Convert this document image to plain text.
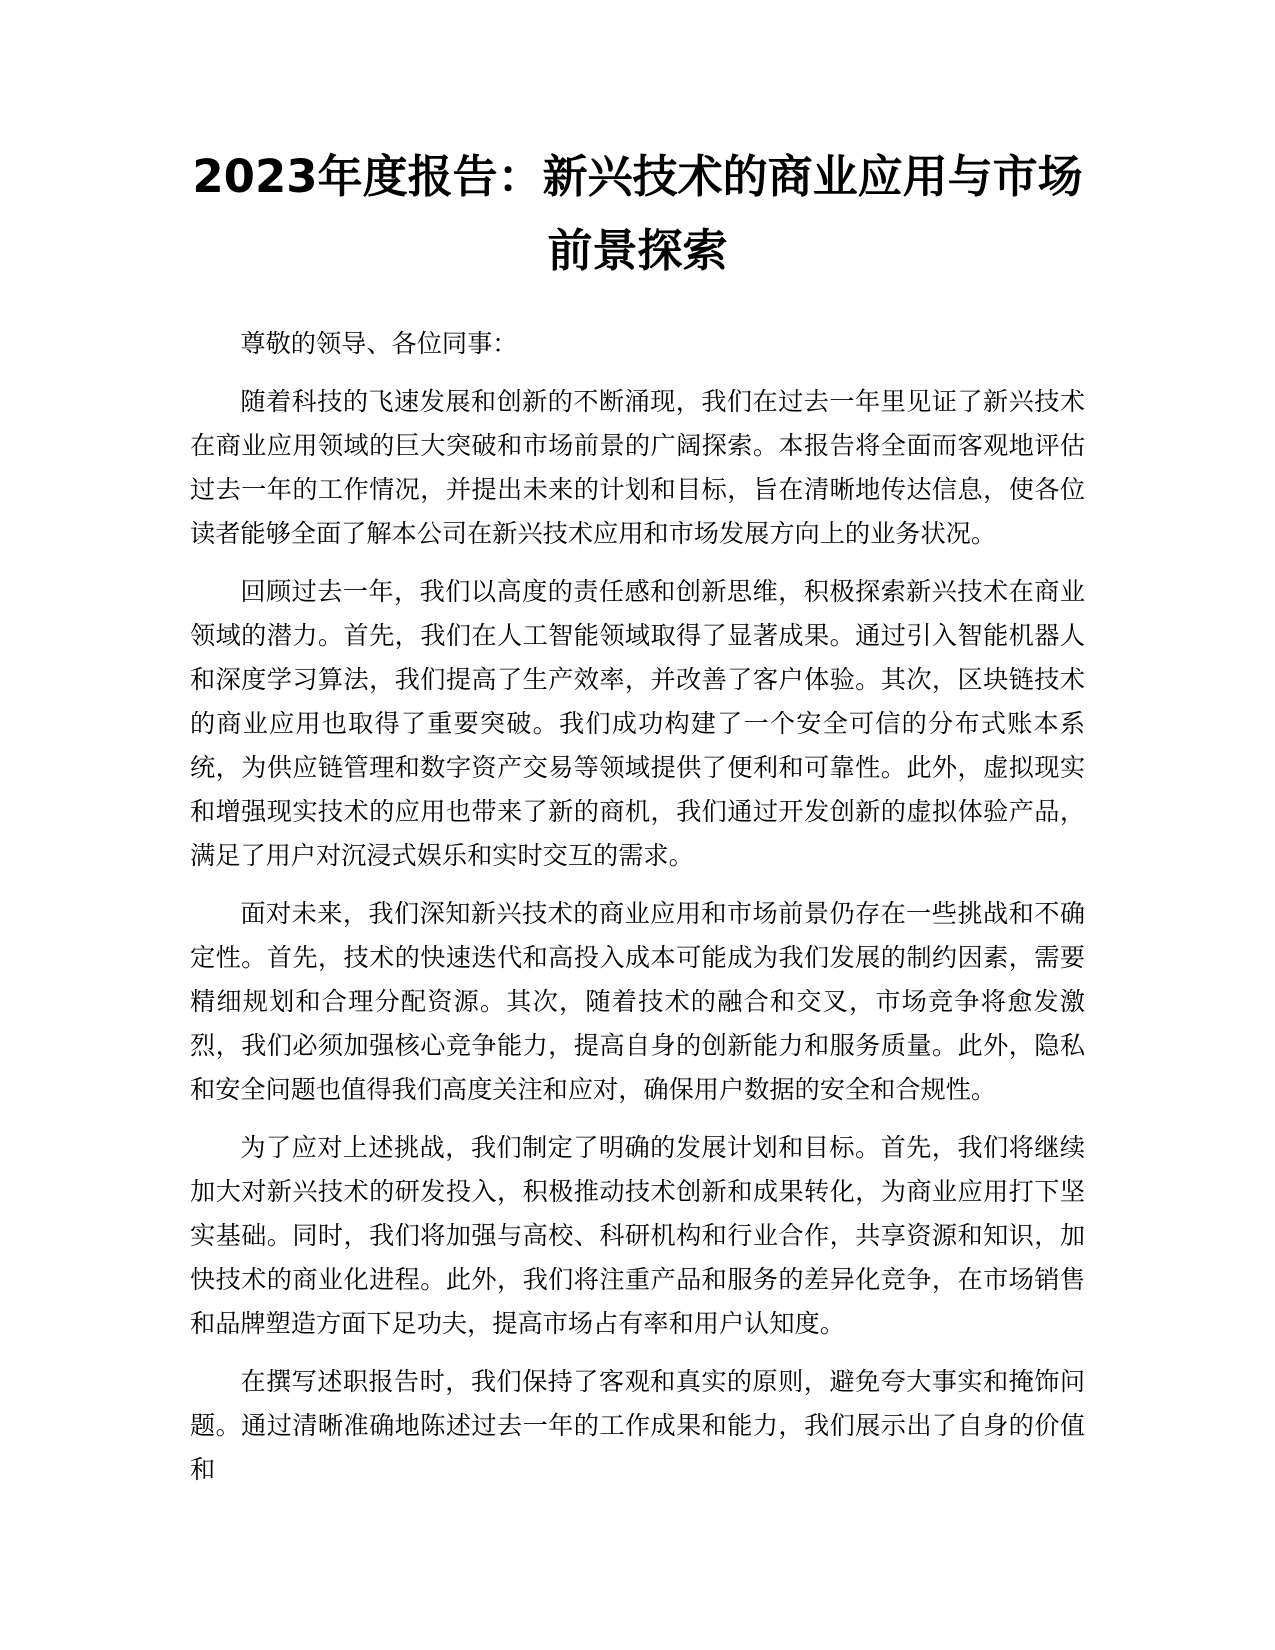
2023年度报告：新兴技术的商业应用与市场前景探索

尊敬的领导、各位同事：

随着科技的飞速发展和创新的不断涌现，我们在过去一年里见证了新兴技术在商业应用领域的巨大突破和市场前景的广阔探索。本报告将全面而客观地评估过去一年的工作情况，并提出未来的计划和目标，旨在清晰地传达信息，使各位读者能够全面了解本公司在新兴技术应用和市场发展方向上的业务状况。

回顾过去一年，我们以高度的责任感和创新思维，积极探索新兴技术在商业领域的潜力。首先，我们在人工智能领域取得了显著成果。通过引入智能机器人和深度学习算法，我们提高了生产效率，并改善了客户体验。其次，区块链技术的商业应用也取得了重要突破。我们成功构建了一个安全可信的分布式账本系统，为供应链管理和数字资产交易等领域提供了便利和可靠性。此外，虚拟现实和增强现实技术的应用也带来了新的商机，我们通过开发创新的虚拟体验产品，满足了用户对沉浸式娱乐和实时交互的需求。

面对未来，我们深知新兴技术的商业应用和市场前景仍存在一些挑战和不确定性。首先，技术的快速迭代和高投入成本可能成为我们发展的制约因素，需要精细规划和合理分配资源。其次，随着技术的融合和交叉，市场竞争将愈发激烈，我们必须加强核心竞争能力，提高自身的创新能力和服务质量。此外，隐私和安全问题也值得我们高度关注和应对，确保用户数据的安全和合规性。

为了应对上述挑战，我们制定了明确的发展计划和目标。首先，我们将继续加大对新兴技术的研发投入，积极推动技术创新和成果转化，为商业应用打下坚实基础。同时，我们将加强与高校、科研机构和行业合作，共享资源和知识，加快技术的商业化进程。此外，我们将注重产品和服务的差异化竞争，在市场销售和品牌塑造方面下足功夫，提高市场占有率和用户认知度。

在撰写述职报告时，我们保持了客观和真实的原则，避免夸大事实和掩饰问题。通过清晰准确地陈述过去一年的工作成果和能力，我们展示出了自身的价值和
